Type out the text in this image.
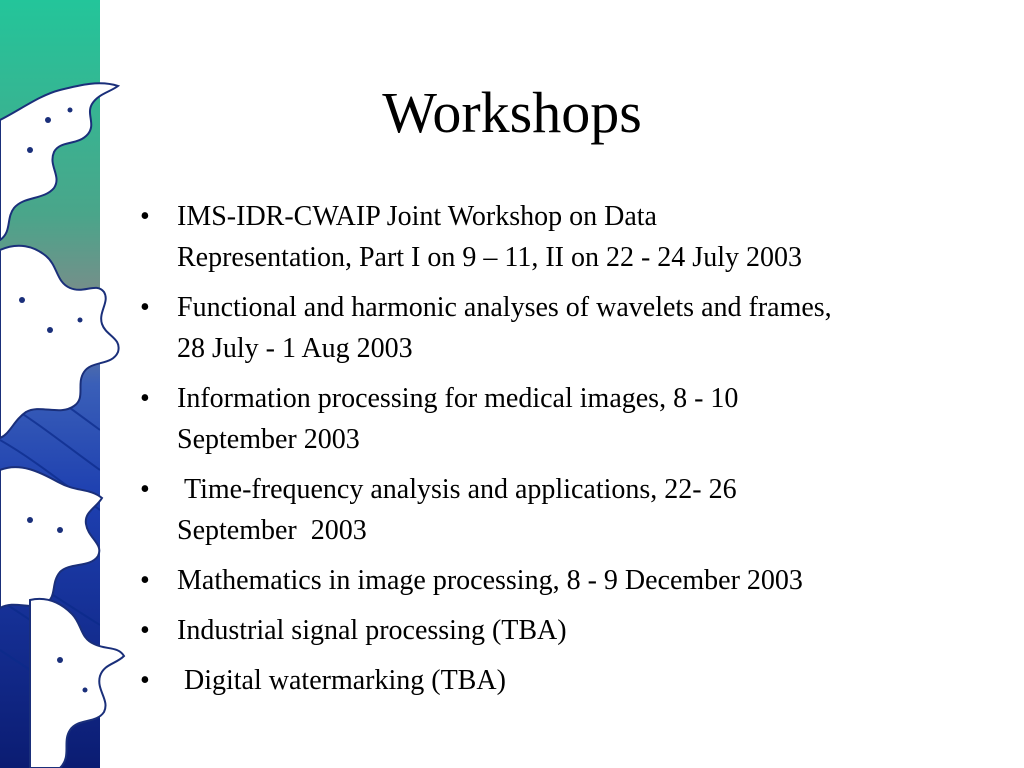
Workshops
• IMS-IDR-CWAIP Joint Workshop on Data
Representation, Part I on 9 – 11, II on 22 - 24 July 2003
• Functional and harmonic analyses of wavelets and frames,
28 July - 1 Aug 2003
• Information processing for medical images, 8 - 10
September 2003
• Time-frequency analysis and applications, 22- 26
September  2003
• Mathematics in image processing, 8 - 9 December 2003
• Industrial signal processing (TBA)
• Digital watermarking (TBA)
